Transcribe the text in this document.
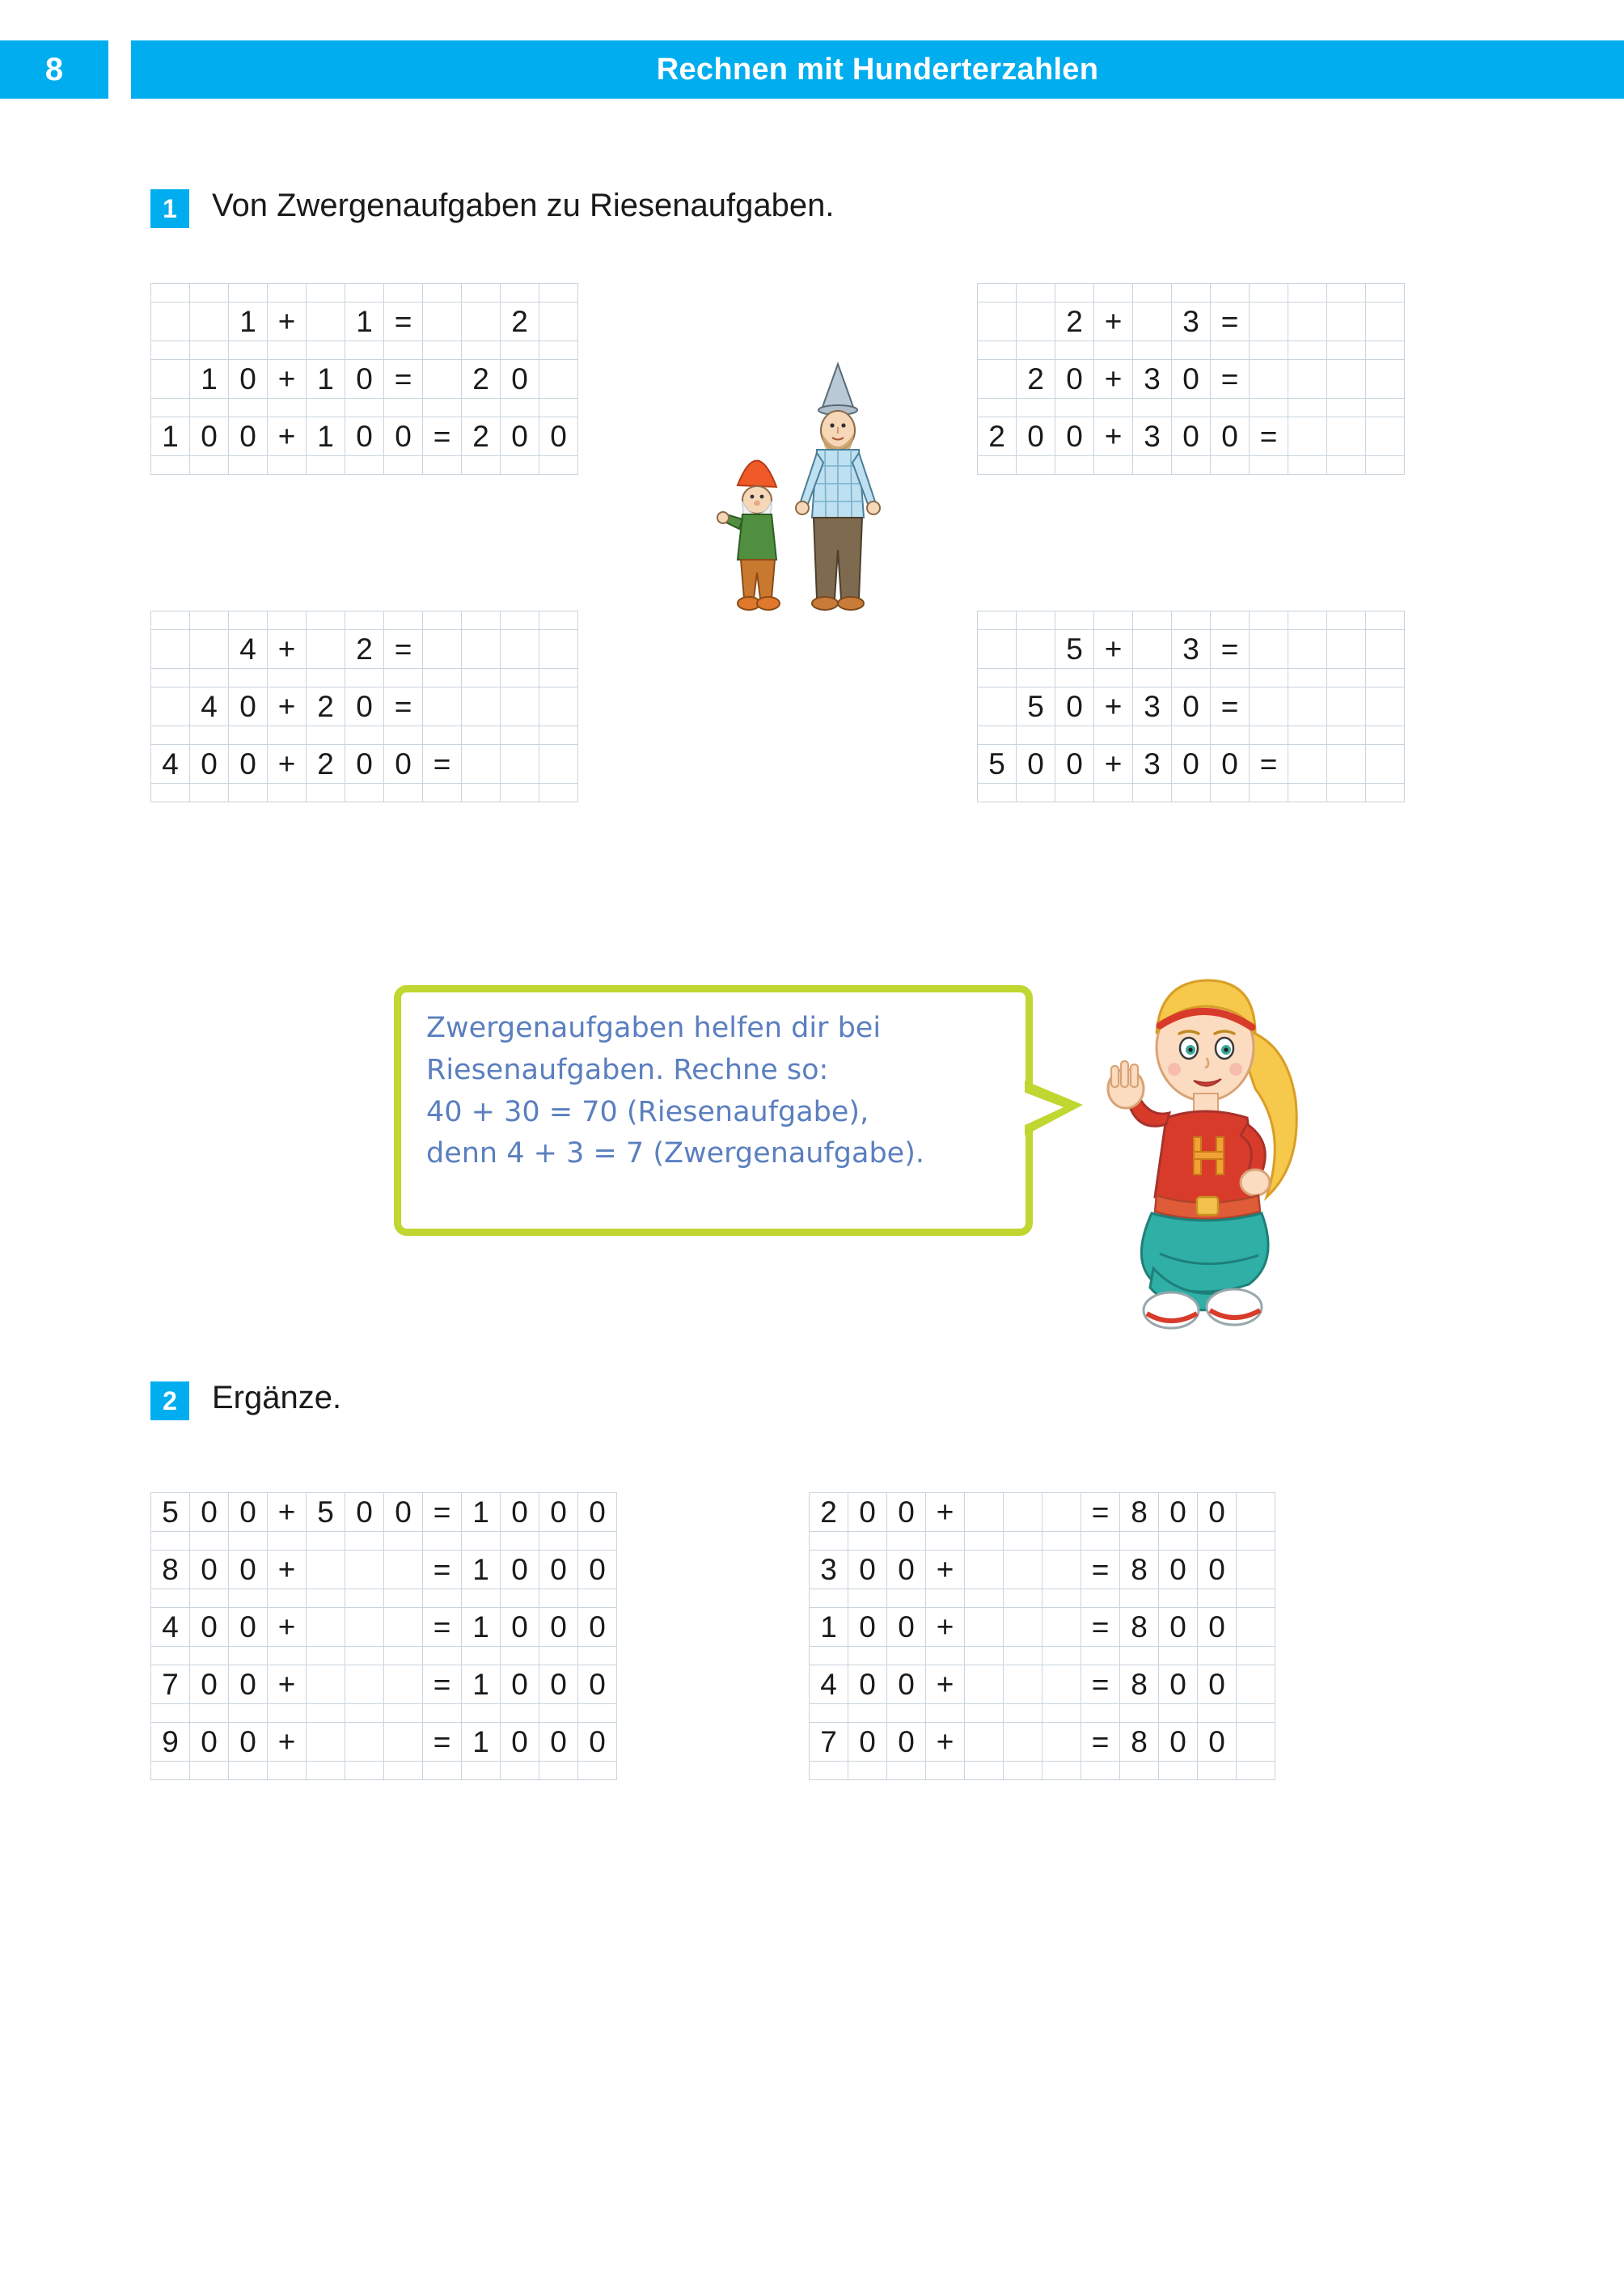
8	Rechnen mit Hunderterzahlen
1	Von Zwergenaufgaben zu Riesenaufgaben.

		1	+		1	=			2	

	1	0	+	1	0	=		2	0	

1	0	0	+	1	0	0	=	2	0	0

		2	+		3	=				

	2	0	+	3	0	=				

2	0	0	+	3	0	0	=			

		4	+		2	=				

	4	0	+	2	0	=				

4	0	0	+	2	0	0	=			

		5	+		3	=				

	5	0	+	3	0	=				

5	0	0	+	3	0	0	=			

Zwergenaufgaben helfen dir bei
Riesenaufgaben. Rechne so:
40 + 30 = 70 (Riesenaufgabe),
denn 4 + 3 = 7 (Zwergenaufgabe).
2	Ergänze.
5	0	0	+	5	0	0	=	1	0	0	0

8	0	0	+				=	1	0	0	0

4	0	0	+				=	1	0	0	0

7	0	0	+				=	1	0	0	0

9	0	0	+				=	1	0	0	0

2	0	0	+				=	8	0	0	

3	0	0	+				=	8	0	0	

1	0	0	+				=	8	0	0	

4	0	0	+				=	8	0	0	

7	0	0	+				=	8	0	0	
